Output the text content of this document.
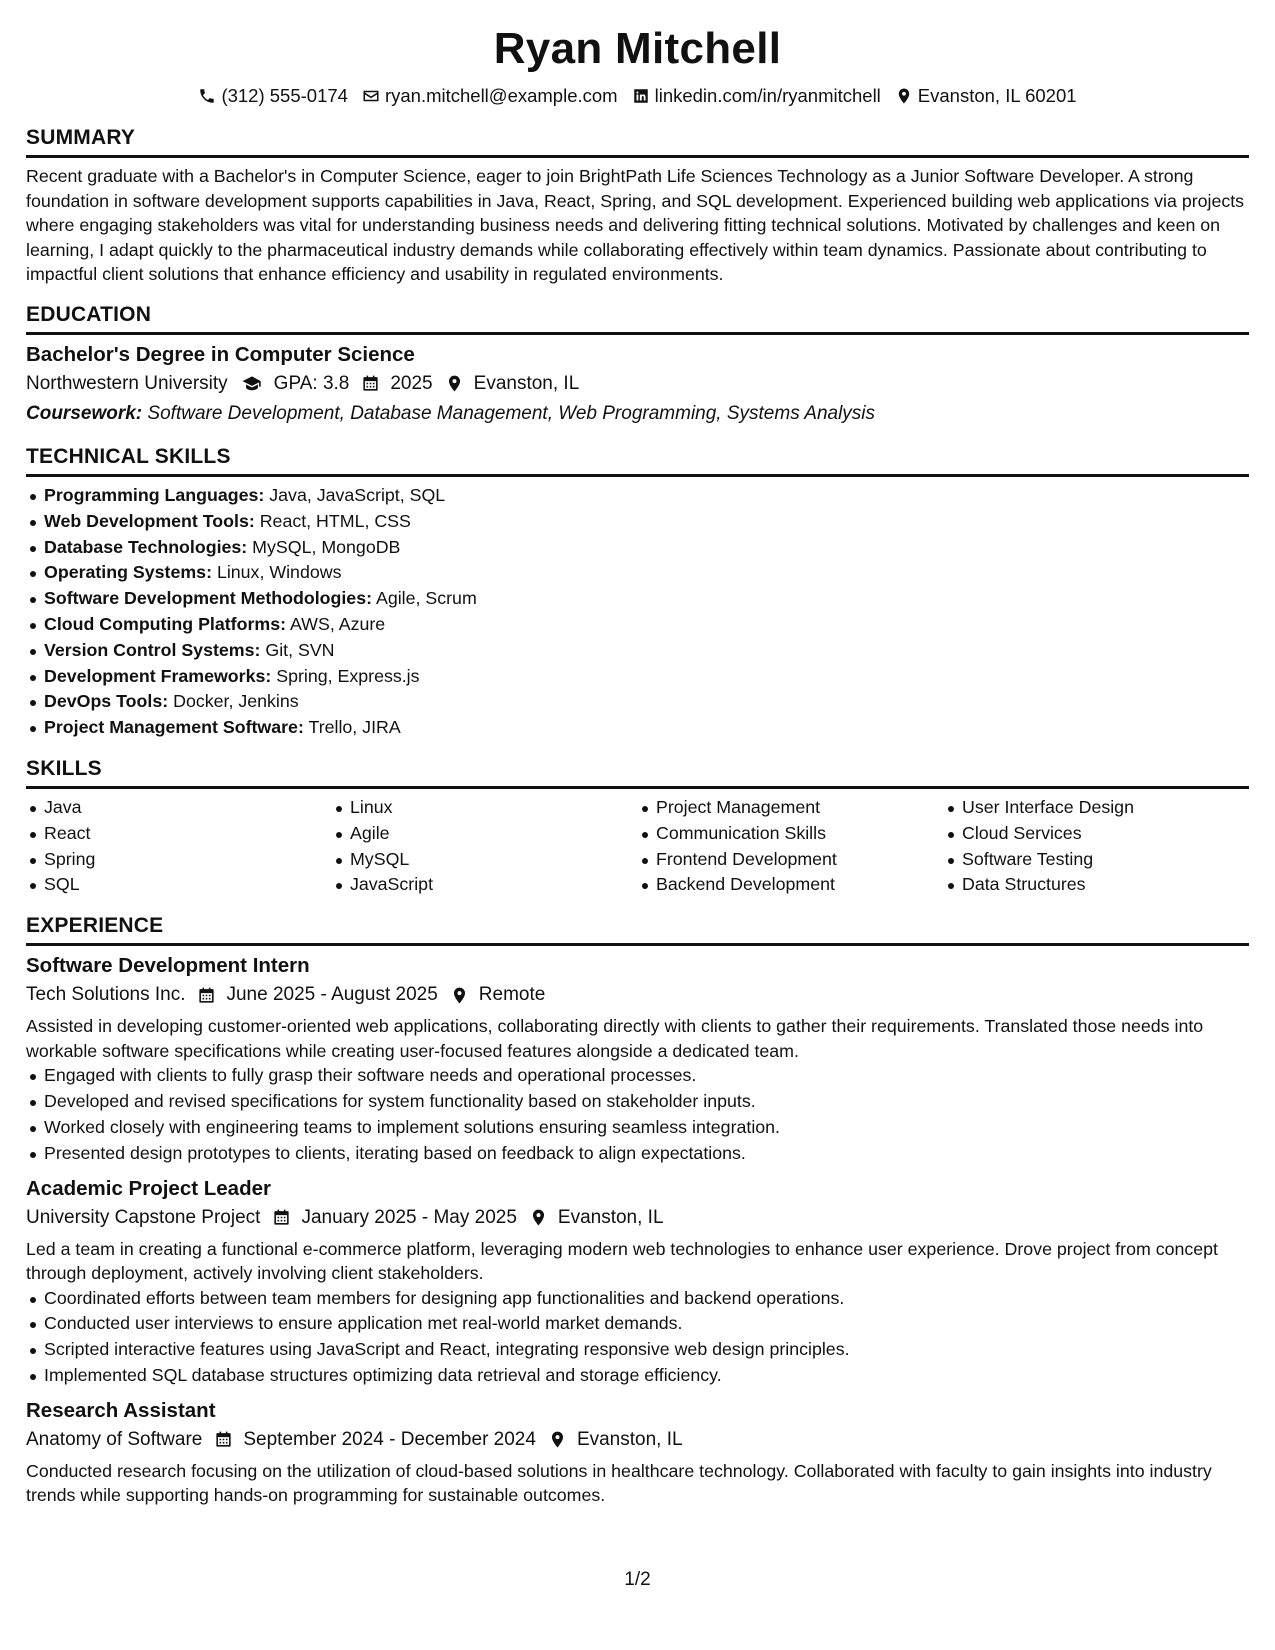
Ryan Mitchell
(312) 555-0174 ryan.mitchell@example.com linkedin.com/in/ryanmitchell Evanston, IL 60201
SUMMARY

Recent graduate with a Bachelor's in Computer Science, eager to join BrightPath Life Sciences Technology as a Junior Software Developer. A strong foundation in software development supports capabilities in Java, React, Spring, and SQL development. Experienced building web applications via projects where engaging stakeholders was vital for understanding business needs and delivering fitting technical solutions. Motivated by challenges and keen on learning, I adapt quickly to the pharmaceutical industry demands while collaborating effectively within team dynamics. Passionate about contributing to impactful client solutions that enhance efficiency and usability in regulated environments.

EDUCATION
Bachelor's Degree in Computer Science
Northwestern University GPA: 3.8 2025 Evanston, IL
Coursework: Software Development, Database Management, Web Programming, Systems Analysis
TECHNICAL SKILLS
Programming Languages: Java, JavaScript, SQL
Web Development Tools: React, HTML, CSS
Database Technologies: MySQL, MongoDB
Operating Systems: Linux, Windows
Software Development Methodologies: Agile, Scrum
Cloud Computing Platforms: AWS, Azure
Version Control Systems: Git, SVN
Development Frameworks: Spring, Express.js
DevOps Tools: Docker, Jenkins
Project Management Software: Trello, JIRA
SKILLS
Java
React
Spring
SQL
Linux
Agile
MySQL
JavaScript
Project Management
Communication Skills
Frontend Development
Backend Development
User Interface Design
Cloud Services
Software Testing
Data Structures
EXPERIENCE
Software Development Intern
Tech Solutions Inc. June 2025 - August 2025 Remote

Assisted in developing customer-oriented web applications, collaborating directly with clients to gather their requirements. Translated those needs into workable software specifications while creating user-focused features alongside a dedicated team.

Engaged with clients to fully grasp their software needs and operational processes.
Developed and revised specifications for system functionality based on stakeholder inputs.
Worked closely with engineering teams to implement solutions ensuring seamless integration.
Presented design prototypes to clients, iterating based on feedback to align expectations.
Academic Project Leader
University Capstone Project January 2025 - May 2025 Evanston, IL

Led a team in creating a functional e-commerce platform, leveraging modern web technologies to enhance user experience. Drove project from concept through deployment, actively involving client stakeholders.

Coordinated efforts between team members for designing app functionalities and backend operations.
Conducted user interviews to ensure application met real-world market demands.
Scripted interactive features using JavaScript and React, integrating responsive web design principles.
Implemented SQL database structures optimizing data retrieval and storage efficiency.
Research Assistant
Anatomy of Software September 2024 - December 2024 Evanston, IL

Conducted research focusing on the utilization of cloud-based solutions in healthcare technology. Collaborated with faculty to gain insights into industry trends while supporting hands-on programming for sustainable outcomes.

1/2
